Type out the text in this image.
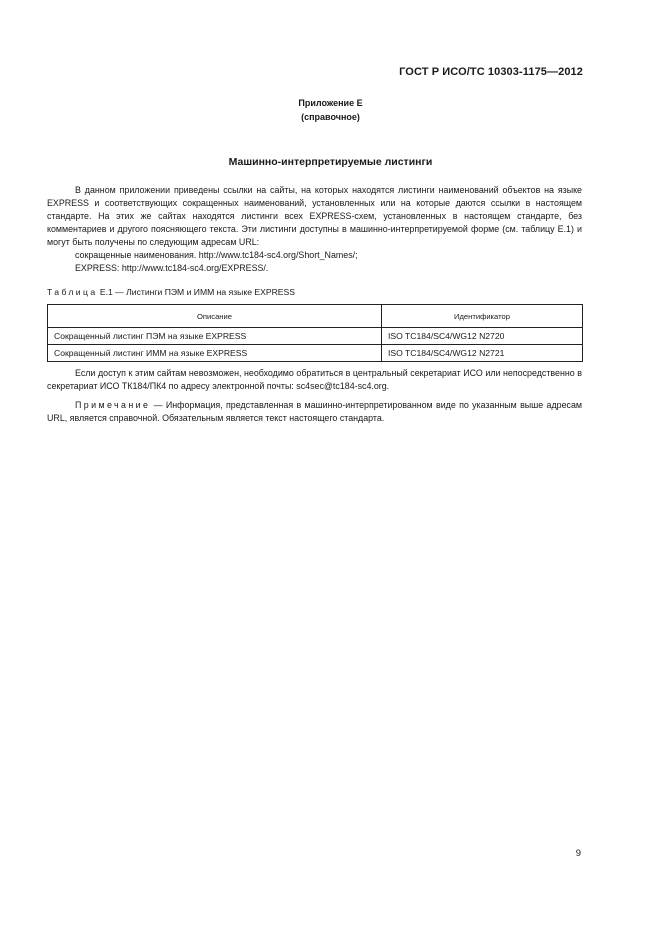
ГОСТ Р ИСО/ТС 10303-1175—2012
Приложение Е
(справочное)
Машинно-интерпретируемые листинги

В данном приложении приведены ссылки на сайты, на которых находятся листинги наименований объектов на языке EXPRESS и соответствующих сокращенных наименований, установленных или на которые даются ссылки в настоящем стандарте. На этих же сайтах находятся листинги всех EXPRESS-схем, установленных в настоящем стандарте, без комментариев и другого поясняющего текста. Эти листинги доступны в машинно-интерпретируемой форме (см. таблицу Е.1) и могут быть получены по следующим адресам URL:

сокращенные наименования. http://www.tc184-sc4.org/Short_Names/;
EXPRESS: http://www.tc184-sc4.org/EXPRESS/.
Таблица Е.1 — Листинги ПЭМ и ИММ на языке EXPRESS
Описание	Идентификатор
Сокращенный листинг ПЭМ на языке EXPRESS	ISO TC184/SC4/WG12 N2720
Сокращенный листинг ИММ на языке EXPRESS	ISO TC184/SC4/WG12 N2721

Если доступ к этим сайтам невозможен, необходимо обратиться в центральный секретариат ИСО или непосредственно в секретариат ИСО ТК184/ПК4 по адресу электронной почты: sc4sec@tc184-sc4.org.

Примечание — Информация, представленная в машинно-интерпретированном виде по указанным выше адресам URL, является справочной. Обязательным является текст настоящего стандарта.

9
